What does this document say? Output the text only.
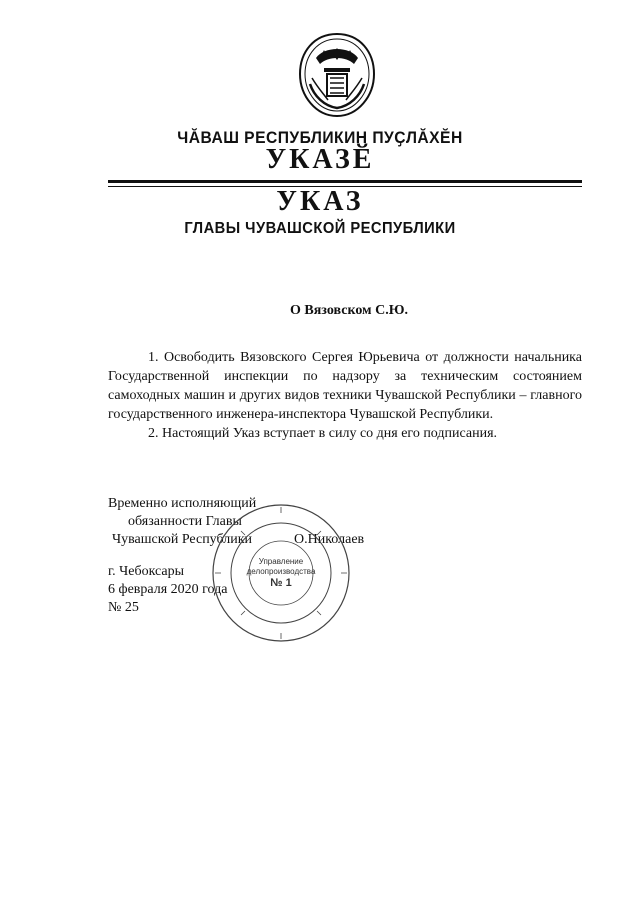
ЧӐВАШ РЕСПУБЛИКИН ПУҪЛӐХӖН
УКАЗӖ
УКАЗ
ГЛАВЫ ЧУВАШСКОЙ РЕСПУБЛИКИ
О Вязовском С.Ю.

1. Освободить Вязовского Сергея Юрьевича от должности начальника Государственной инспекции по надзору за техническим состоянием самоходных машин и других видов техники Чувашской Республики – главного государственного инженера-инспектора Чувашской Республики.

2. Настоящий Указ вступает в силу со дня его подписания.

Временно исполняющий
обязанности Главы
Чувашской Республики	О.Николаев
г. Чебоксары
6 февраля 2020 года
№ 25
Управление
делопроизводства
№ 1
